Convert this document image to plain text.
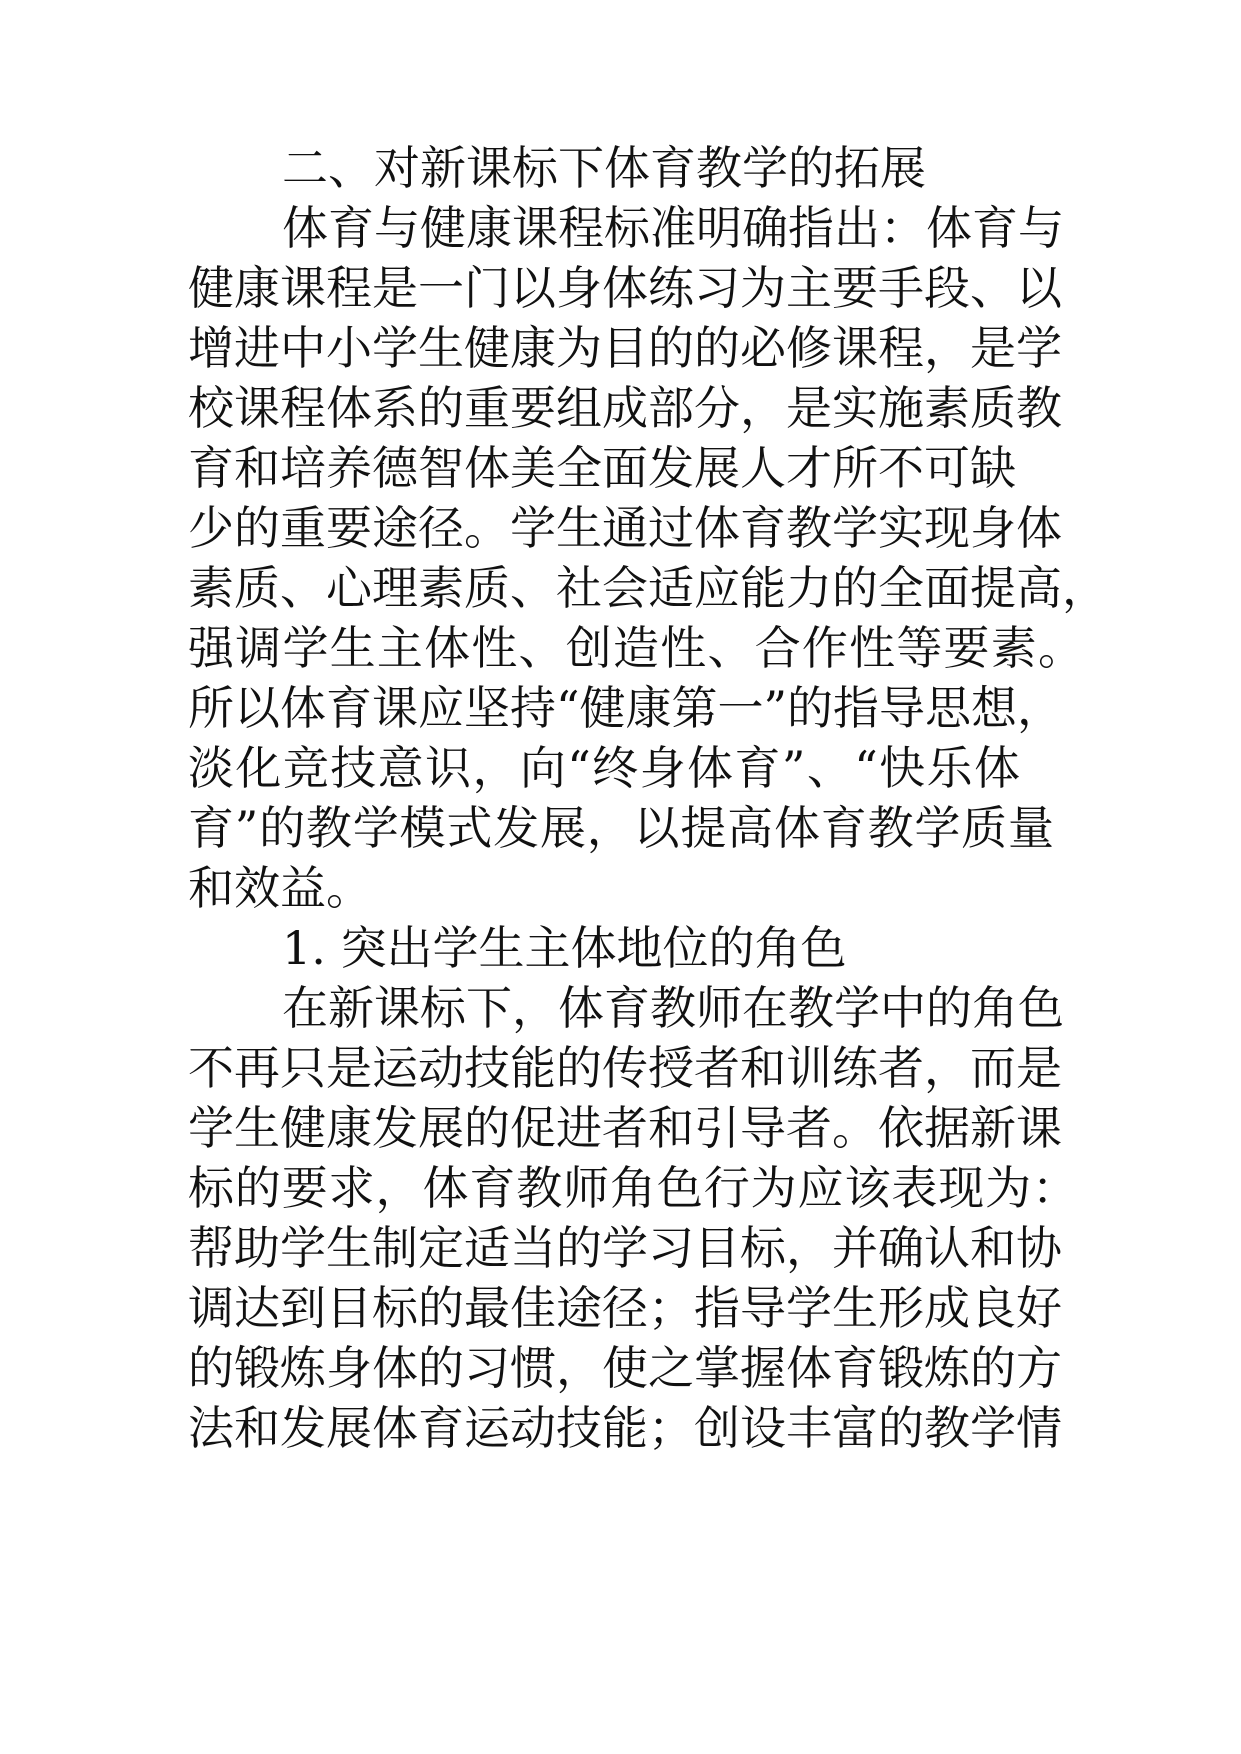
二、对新课标下体育教学的拓展
体育与健康课程标准明确指出：体育与
健康课程是一门以身体练习为主要手段、以
增进中小学生健康为目的的必修课程，是学
校课程体系的重要组成部分，是实施素质教
育和培养德智体美全面发展人才所不可缺
少的重要途径。学生通过体育教学实现身体
素质、心理素质、社会适应能力的全面提高，
强调学生主体性、创造性、合作性等要素。
所以体育课应坚持“健康第一”的指导思想，
淡化竞技意识，向“终身体育”、“快乐体
育”的教学模式发展，以提高体育教学质量
和效益。
1. 突出学生主体地位的角色
在新课标下，体育教师在教学中的角色
不再只是运动技能的传授者和训练者，而是
学生健康发展的促进者和引导者。依据新课
标的要求，体育教师角色行为应该表现为：
帮助学生制定适当的学习目标，并确认和协
调达到目标的最佳途径；指导学生形成良好
的锻炼身体的习惯，使之掌握体育锻炼的方
法和发展体育运动技能；创设丰富的教学情
